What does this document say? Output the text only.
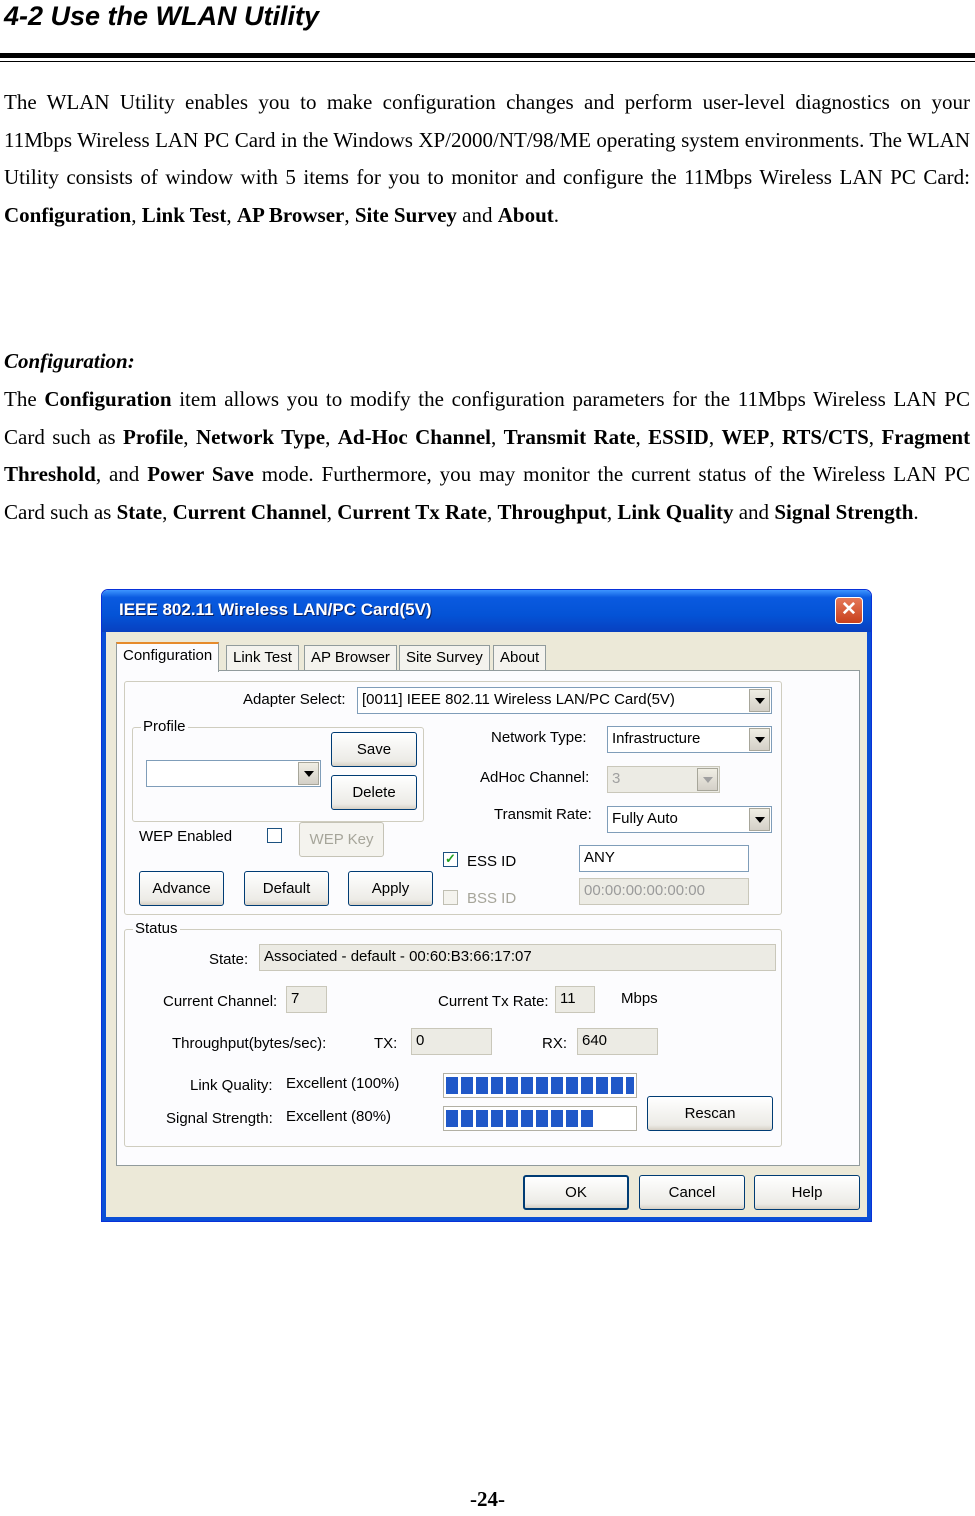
4-2 Use the WLAN Utility

The WLAN Utility enables you to make configuration changes and perform user-level diagnostics on your 11Mbps Wireless LAN PC Card in the Windows XP/2000/NT/98/ME operating system environments. The WLAN Utility consists of window with 5 items for you to monitor and configure the 11Mbps Wireless LAN PC Card: Configuration, Link Test, AP Browser, Site Survey and About.

Configuration:

The Configuration item allows you to modify the configuration parameters for the 11Mbps Wireless LAN PC Card such as Profile, Network Type, Ad-Hoc Channel, Transmit Rate, ESSID, WEP, RTS/CTS, Fragment Threshold, and Power Save mode. Furthermore, you may monitor the current status of the Wireless LAN PC Card such as State, Current Channel, Current Tx Rate, Throughput, Link Quality and Signal Strength.

IEEE 802.11 Wireless LAN/PC Card(5V)	✕
Configuration	Link Test	AP Browser	Site Survey	About
Adapter Select:	[0011] IEEE 802.11 Wireless LAN/PC Card(5V)
Profile
Save
Delete
Network Type:	Infrastructure
AdHoc Channel:	3
Transmit Rate:	Fully Auto
WEP Enabled	WEP Key
Advance	Default	Apply
✓ ESS ID	ANY
BSS ID	00:00:00:00:00:00
Status
State:	Associated - default - 00:60:B3:66:17:07
Current Channel: 7	Current Tx Rate: 11	Mbps
Throughput(bytes/sec):	TX:	0	RX: 640
Link Quality: Excellent (100%)
Signal Strength: Excellent (80%)	Rescan
OK	Cancel	Help
-24-
